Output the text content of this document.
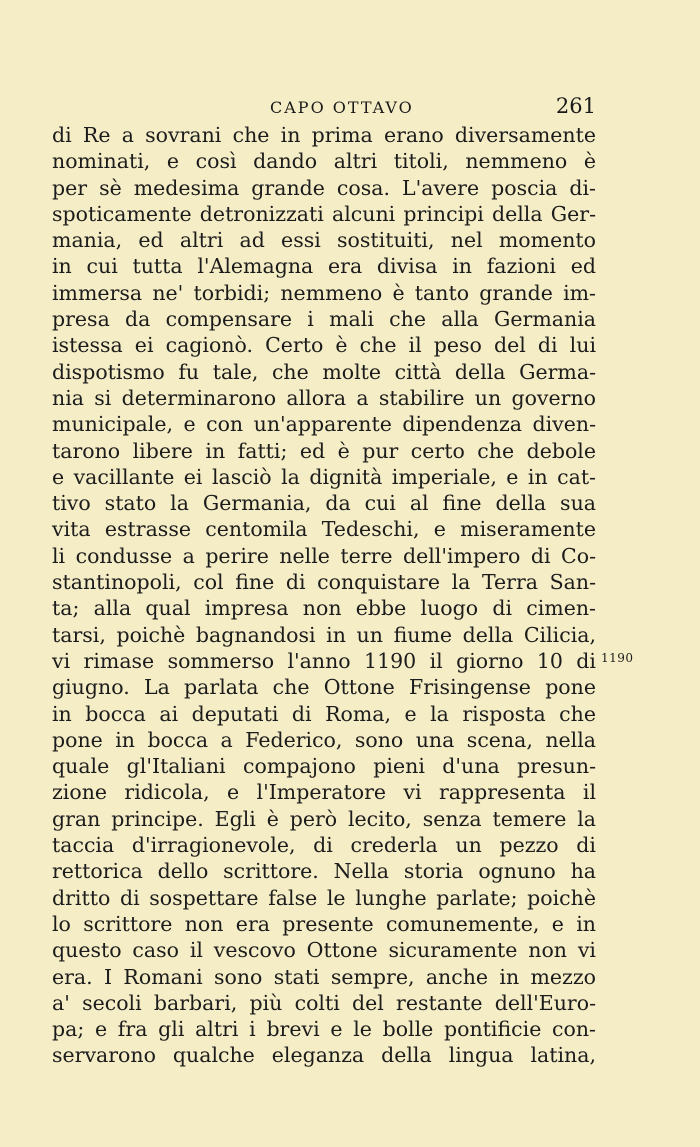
CAPO OTTAVO	261
di Re a sovrani che in prima erano diversamente
nominati, e così dando altri titoli, nemmeno è
per sè medesima grande cosa. L'avere poscia di-
spoticamente detronizzati alcuni principi della Ger-
mania, ed altri ad essi sostituiti, nel momento
in cui tutta l'Alemagna era divisa in fazioni ed
immersa ne' torbidi; nemmeno è tanto grande im-
presa da compensare i mali che alla Germania
istessa ei cagionò. Certo è che il peso del di lui
dispotismo fu tale, che molte città della Germa-
nia si determinarono allora a stabilire un governo
municipale, e con un'apparente dipendenza diven-
tarono libere in fatti; ed è pur certo che debole
e vacillante ei lasciò la dignità imperiale, e in cat-
tivo stato la Germania, da cui al fine della sua
vita estrasse centomila Tedeschi, e miseramente
li condusse a perire nelle terre dell'impero di Co-
stantinopoli, col fine di conquistare la Terra San-
ta; alla qual impresa non ebbe luogo di cimen-
tarsi, poichè bagnandosi in un fiume della Cilicia,
vi rimase sommerso l'anno 1190 il giorno 10 di
giugno. La parlata che Ottone Frisingense pone
in bocca ai deputati di Roma, e la risposta che
pone in bocca a Federico, sono una scena, nella
quale gl'Italiani compajono pieni d'una presun-
zione ridicola, e l'Imperatore vi rappresenta il
gran principe. Egli è però lecito, senza temere la
taccia d'irragionevole, di crederla un pezzo di
rettorica dello scrittore. Nella storia ognuno ha
dritto di sospettare false le lunghe parlate; poichè
lo scrittore non era presente comunemente, e in
questo caso il vescovo Ottone sicuramente non vi
era. I Romani sono stati sempre, anche in mezzo
a' secoli barbari, più colti del restante dell'Euro-
pa; e fra gli altri i brevi e le bolle pontificie con-
servarono qualche eleganza della lingua latina,
1190
